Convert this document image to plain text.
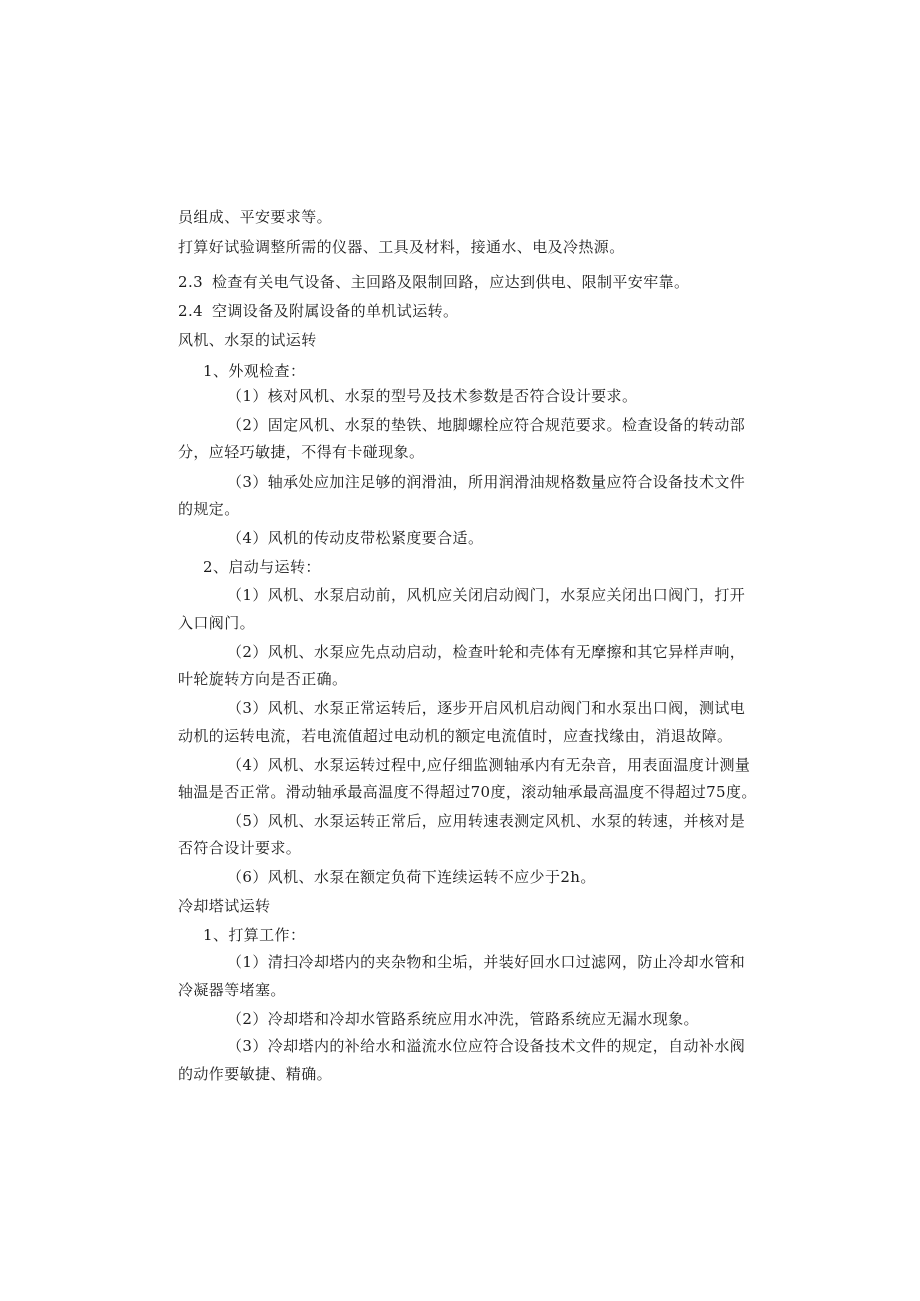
员组成、平安要求等。
打算好试验调整所需的仪器、工具及材料，接通水、电及冷热源。
2.3 检查有关电气设备、主回路及限制回路，应达到供电、限制平安牢靠。
2.4 空调设备及附属设备的单机试运转。
风机、水泵的试运转
1、外观检查：
（1）核对风机、水泵的型号及技术参数是否符合设计要求。
（2）固定风机、水泵的垫铁、地脚螺栓应符合规范要求。检查设备的转动部
分，应轻巧敏捷，不得有卡碰现象。
（3）轴承处应加注足够的润滑油，所用润滑油规格数量应符合设备技术文件
的规定。
（4）风机的传动皮带松紧度要合适。
2、启动与运转：
（1）风机、水泵启动前，风机应关闭启动阀门，水泵应关闭出口阀门，打开
入口阀门。
（2）风机、水泵应先点动启动，检查叶轮和壳体有无摩擦和其它异样声响，
叶轮旋转方向是否正确。
（3）风机、水泵正常运转后，逐步开启风机启动阀门和水泵出口阀，测试电
动机的运转电流，若电流值超过电动机的额定电流值时，应查找缘由，消退故障。
（4）风机、水泵运转过程中,应仔细监测轴承内有无杂音，用表面温度计测量
轴温是否正常。滑动轴承最高温度不得超过70度，滚动轴承最高温度不得超过75度。
（5）风机、水泵运转正常后，应用转速表测定风机、水泵的转速，并核对是
否符合设计要求。
（6）风机、水泵在额定负荷下连续运转不应少于2h。
冷却塔试运转
1、打算工作：
（1）清扫冷却塔内的夹杂物和尘垢，并装好回水口过滤网，防止冷却水管和
冷凝器等堵塞。
（2）冷却塔和冷却水管路系统应用水冲洗，管路系统应无漏水现象。
（3）冷却塔内的补给水和溢流水位应符合设备技术文件的规定，自动补水阀
的动作要敏捷、精确。
